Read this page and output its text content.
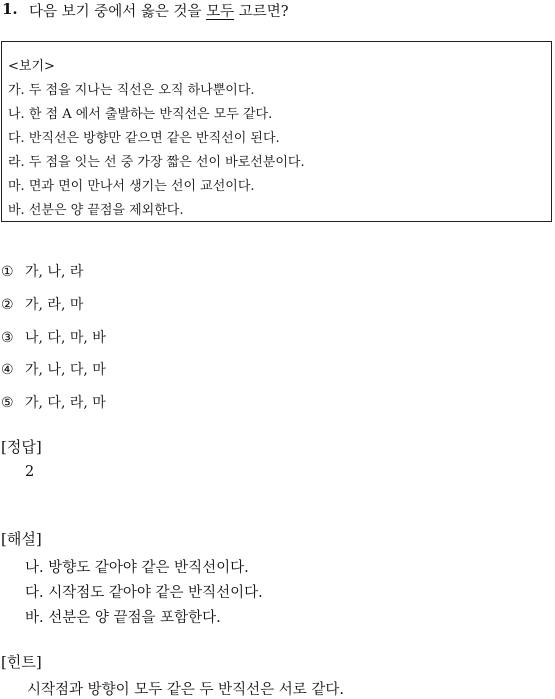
1. 다음 보기 중에서 옳은 것을 모두 고르면?
<보기>
가. 두 점을 지나는 직선은 오직 하나뿐이다.
나. 한 점 A 에서 출발하는 반직선은 모두 같다.
다. 반직선은 방향만 같으면 같은 반직선이 된다.
라. 두 점을 잇는 선 중 가장 짧은 선이 바로선분이다.
마. 면과 면이 만나서 생기는 선이 교선이다.
바. 선분은 양 끝점을 제외한다.
① 가, 나, 라
② 가, 라, 마
③ 나, 다, 마, 바
④ 가, 나, 다, 마
⑤ 가, 다, 라, 마
[정답]
2
[해설]
나. 방향도 같아야 같은 반직선이다.
다. 시작점도 같아야 같은 반직선이다.
바. 선분은 양 끝점을 포함한다.
[힌트]
시작점과 방향이 모두 같은 두 반직선은 서로 같다.
